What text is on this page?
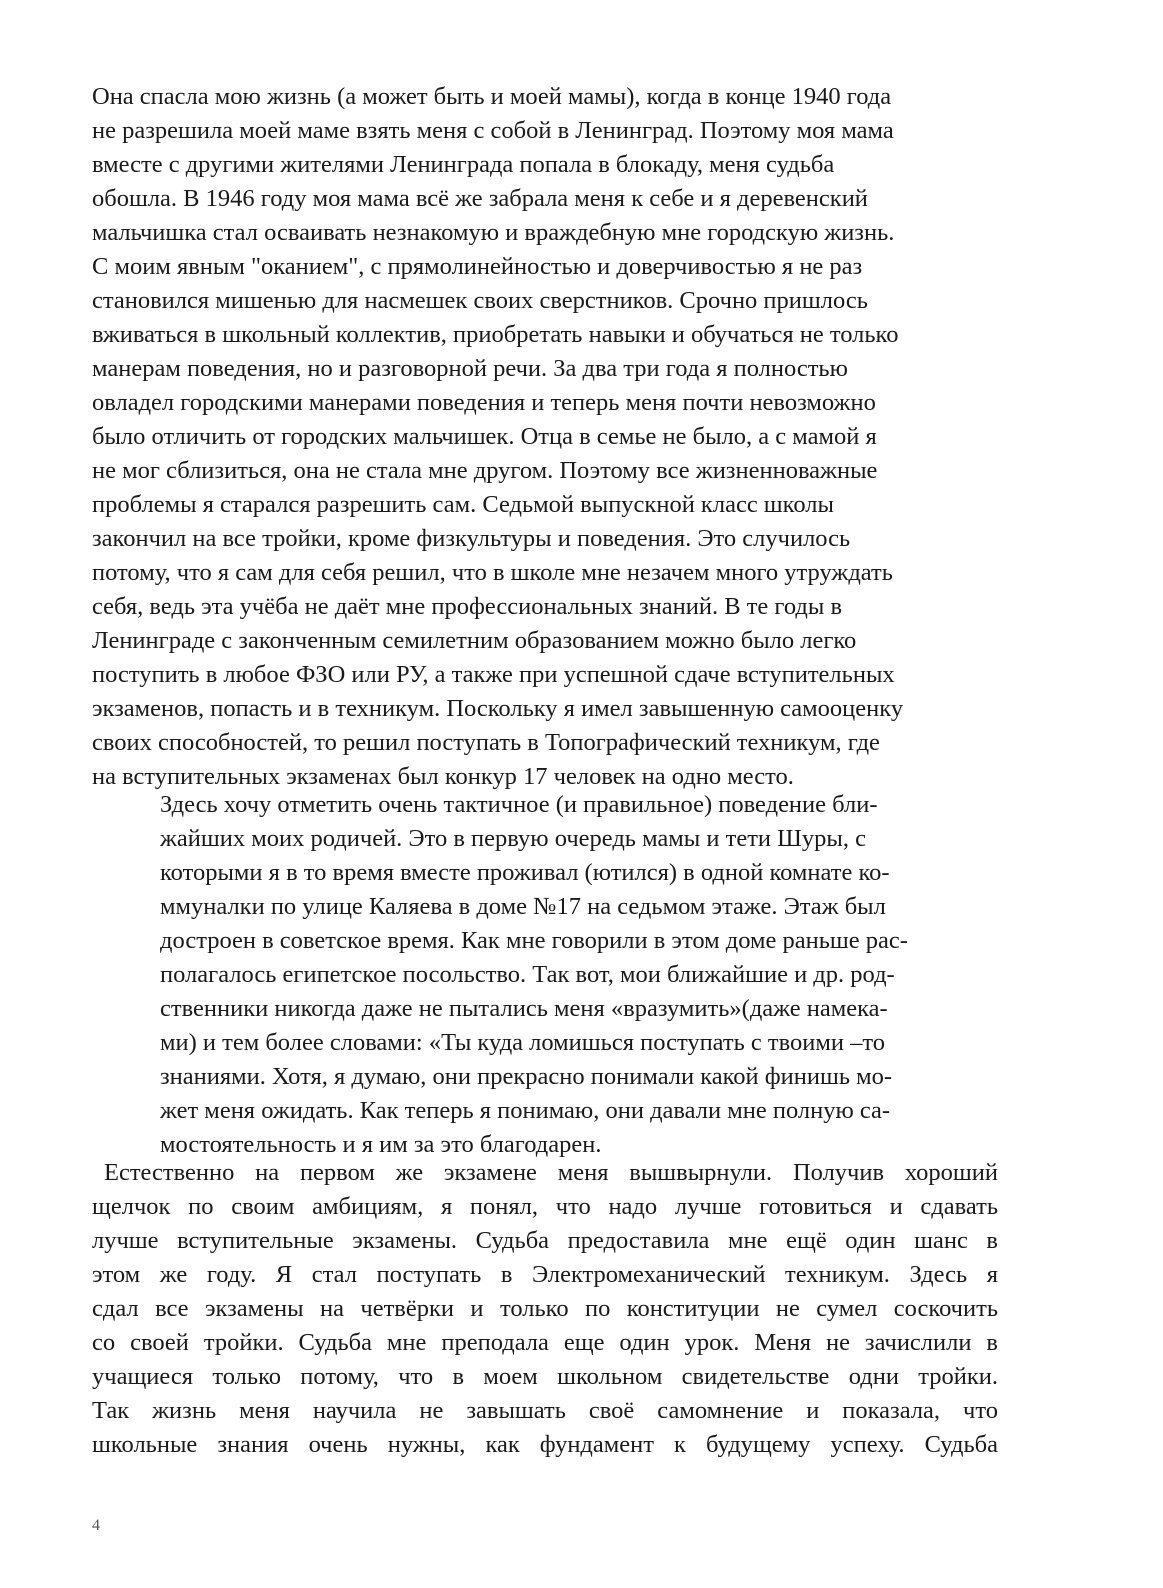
Она спасла мою жизнь (а может быть и моей мамы), когда в конце 1940 года
не разрешила моей маме взять меня с собой в Ленинград. Поэтому моя мама
вместе с другими жителями Ленинграда попала в блокаду, меня судьба
обошла. В 1946 году моя мама всё же забрала меня к себе и я деревенский
мальчишка стал осваивать незнакомую и враждебную мне городскую жизнь.
С моим явным "оканием", с прямолинейностью и доверчивостью я не раз
становился мишенью для насмешек своих сверстников. Срочно пришлось
вживаться в школьный коллектив, приобретать навыки и обучаться не только
манерам поведения, но и разговорной речи. За два три года я полностью
овладел городскими манерами поведения и теперь меня почти невозможно
было отличить от городских мальчишек. Отца в семье не было, а с мамой я
не мог сблизиться, она не стала мне другом. Поэтому все жизненноважные
проблемы я старался разрешить сам. Седьмой выпускной класс школы
закончил на все тройки, кроме физкультуры и поведения. Это случилось
потому, что я сам для себя решил, что в школе мне незачем много утруждать
себя, ведь эта учёба не даёт мне профессиональных знаний. В те годы в
Ленинграде с законченным семилетним образованием можно было легко
поступить в любое ФЗО или РУ, а также при успешной сдаче вступительных
экзаменов, попасть и в техникум. Поскольку я имел завышенную самооценку
своих способностей, то решил поступать в Топографический техникум, где
на вступительных экзаменах был конкур 17 человек на одно место.
Здесь хочу отметить очень тактичное (и правильное) поведение бли-
жайших моих родичей. Это в первую очередь мамы и тети Шуры, с
которыми я в то время вместе проживал (ютился) в одной комнате ко-
ммуналки по улице Каляева в доме №17 на седьмом этаже. Этаж был
достроен в советское время. Как мне говорили в этом доме раньше рас-
полагалось египетское посольство. Так вот, мои ближайшие и др. род-
ственники никогда даже не пытались меня «вразумить»(даже намека-
ми) и тем более словами: «Ты куда ломишься поступать с твоими –то
знаниями. Хотя, я думаю, они прекрасно понимали какой финишь мо-
жет меня ожидать. Как теперь я понимаю, они давали мне полную са-
мостоятельность и я им за это благодарен.
Естественно на первом же экзамене меня вышвырнули. Получив хороший
щелчок по своим амбициям, я понял, что надо лучше готовиться и сдавать
лучше вступительные экзамены. Судьба предоставила мне ещё один шанс в
этом же году. Я стал поступать в Электромеханический техникум. Здесь я
сдал все экзамены на четвёрки и только по конституции не сумел соскочить
со своей тройки. Судьба мне преподала еще один урок. Меня не зачислили в
учащиеся только потому, что в моем школьном свидетельстве одни тройки.
Так жизнь меня научила не завышать своё самомнение и показала, что
школьные знания очень нужны, как фундамент к будущему успеху. Судьба
4
